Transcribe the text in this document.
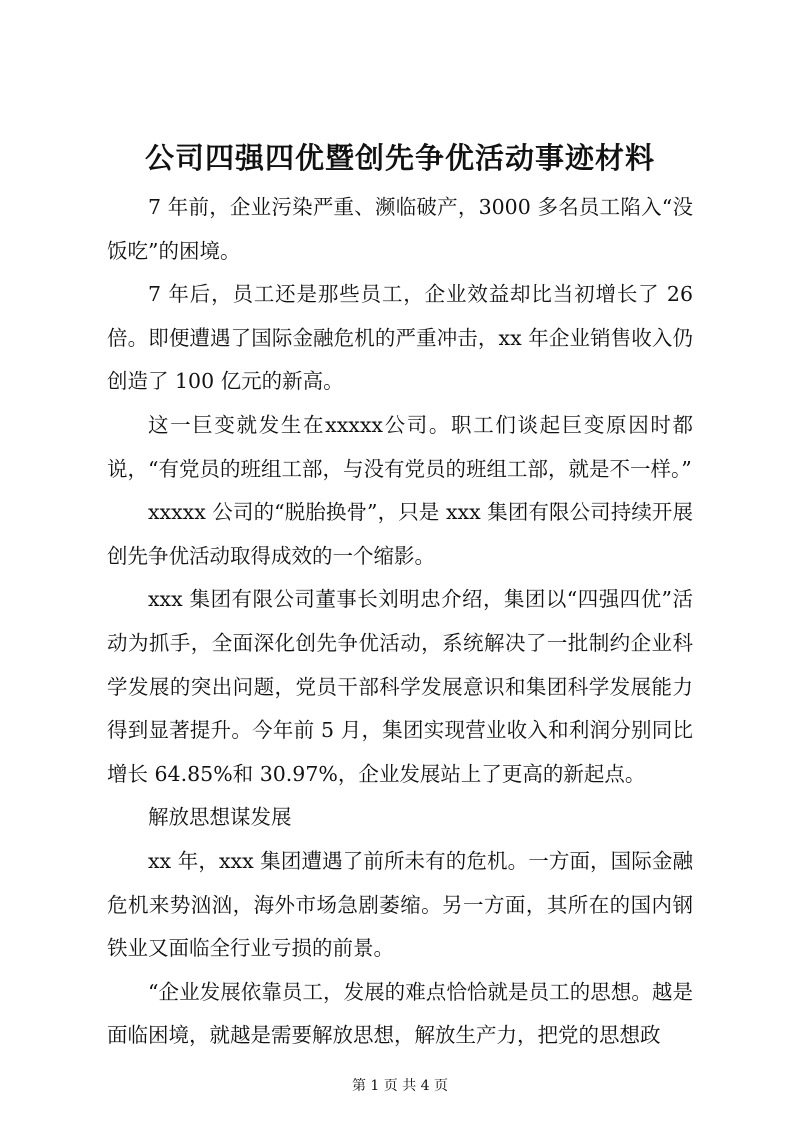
公司四强四优暨创先争优活动事迹材料

7 年前，企业污染严重、濒临破产，3000 多名员工陷入“没饭吃”的困境。

7 年后，员工还是那些员工，企业效益却比当初增长了 26 倍。即便遭遇了国际金融危机的严重冲击，xx 年企业销售收入仍创造了 100 亿元的新高。

这一巨变就发生在xxxxx公司。职工们谈起巨变原因时都说，“有党员的班组工部，与没有党员的班组工部，就是不一样。”

xxxxx 公司的“脱胎换骨”，只是 xxx 集团有限公司持续开展创先争优活动取得成效的一个缩影。

xxx 集团有限公司董事长刘明忠介绍，集团以“四强四优”活动为抓手，全面深化创先争优活动，系统解决了一批制约企业科学发展的突出问题，党员干部科学发展意识和集团科学发展能力得到显著提升。今年前 5 月，集团实现营业收入和利润分别同比增长 64.85%和 30.97%，企业发展站上了更高的新起点。

解放思想谋发展

xx 年，xxx 集团遭遇了前所未有的危机。一方面，国际金融危机来势汹汹，海外市场急剧萎缩。另一方面，其所在的国内钢铁业又面临全行业亏损的前景。

“企业发展依靠员工，发展的难点恰恰就是员工的思想。越是面临困境，就越是需要解放思想，解放生产力，把党的思想政

第 1 页 共 4 页
